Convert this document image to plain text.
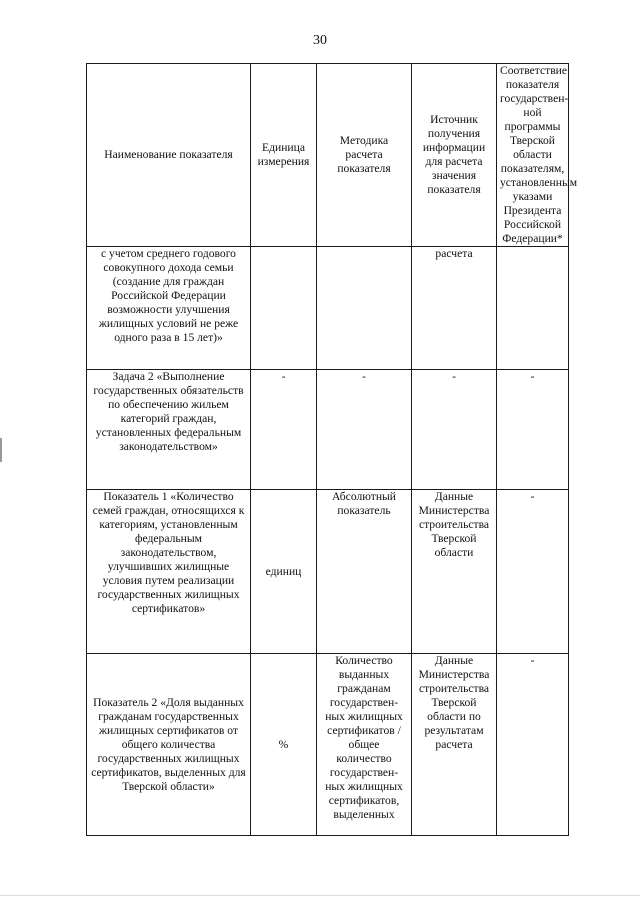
30
Наименование показателя	Единица измерения	Методика расчета показателя	Источник получения информации для расчета значения показателя	Соответствие показателя государствен-ной программы Тверской области показателям, установленным указами Президента Российской Федерации*
с учетом среднего годового совокупного дохода семьи (создание для граждан Российской Федерации возможности улучшения жилищных условий не реже одного раза в 15 лет)»			расчета	
Задача 2 «Выполнение государственных обязательств по обеспечению жильем категорий граждан, установленных федеральным законодательством»	-	-	-	-
Показатель 1 «Количество семей граждан, относящихся к категориям, установленным федеральным законодательством, улучшивших жилищные условия путем реализации государственных жилищных сертификатов»	единиц	Абсолютный показатель	Данные Министерства строительства Тверской области	-
Показатель 2 «Доля выданных гражданам государственных жилищных сертификатов от общего количества государственных жилищных сертификатов, выделенных для Тверской области»	%	Количество выданных гражданам государствен-ных жилищных сертификатов / общее количество государствен-ных жилищных сертификатов, выделенных	Данные Министерства строительства Тверской области по результатам расчета	-
